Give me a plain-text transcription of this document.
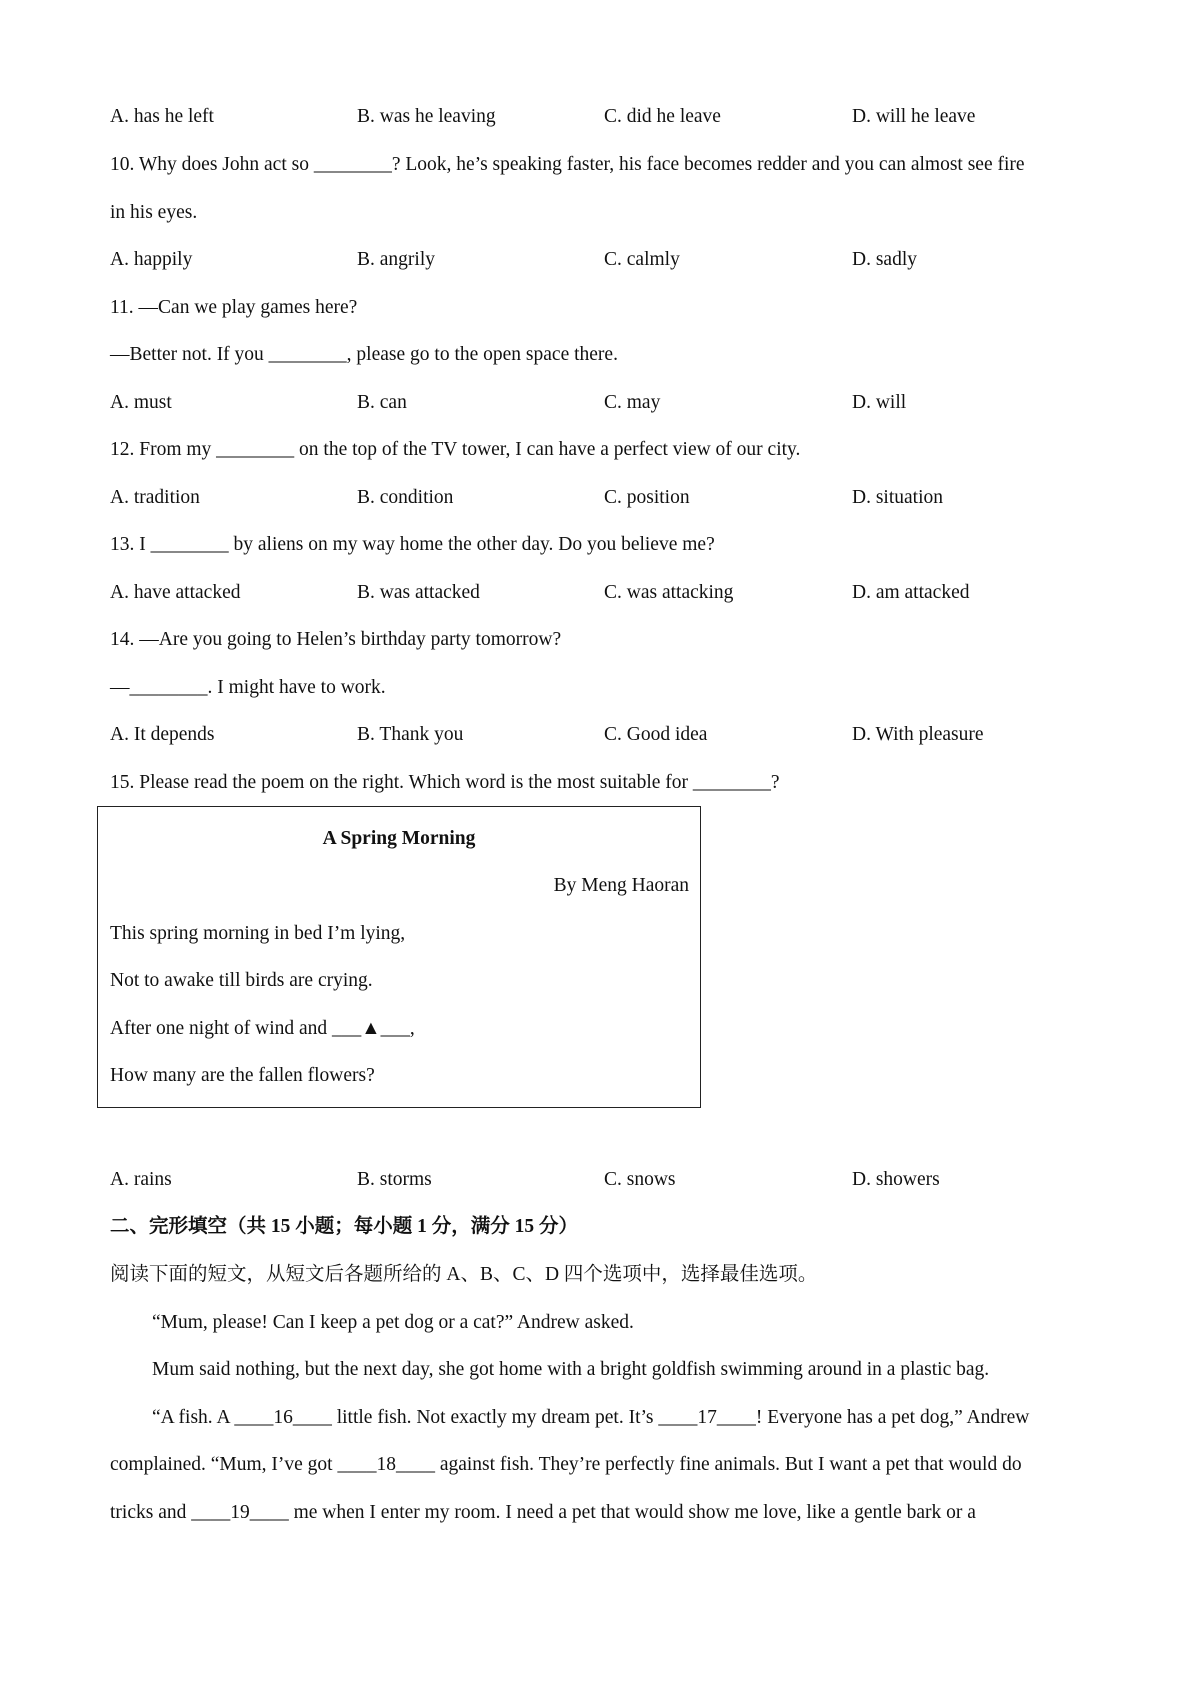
A. has he left	B. was he leaving	C. did he leave	D. will he leave
10. Why does John act so ________? Look, he’s speaking faster, his face becomes redder and you can almost see fire
in his eyes.
A. happily	B. angrily	C. calmly	D. sadly
11. —Can we play games here?
—Better not. If you ________, please go to the open space there.
A. must	B. can	C. may	D. will
12. From my ________ on the top of the TV tower, I can have a perfect view of our city.
A. tradition	B. condition	C. position	D. situation
13. I ________ by aliens on my way home the other day. Do you believe me?
A. have attacked	B. was attacked	C. was attacking	D. am attacked
14. —Are you going to Helen’s birthday party tomorrow?
—________. I might have to work.
A. It depends	B. Thank you	C. Good idea	D. With pleasure
15. Please read the poem on the right. Which word is the most suitable for ________?
A Spring Morning
By Meng Haoran
This spring morning in bed I’m lying,
Not to awake till birds are crying.
After one night of wind and ___▲___,
How many are the fallen flowers?
A. rains	B. storms	C. snows	D. showers
二、完形填空（共 15 小题；每小题 1 分，满分 15 分）
阅读下面的短文，从短文后各题所给的 A、B、C、D 四个选项中，选择最佳选项。
“Mum, please! Can I keep a pet dog or a cat?” Andrew asked.
Mum said nothing, but the next day, she got home with a bright goldfish swimming around in a plastic bag.
“A fish. A ____16____ little fish. Not exactly my dream pet. It’s ____17____! Everyone has a pet dog,” Andrew
complained. “Mum, I’ve got ____18____ against fish. They’re perfectly fine animals. But I want a pet that would do
tricks and ____19____ me when I enter my room. I need a pet that would show me love, like a gentle bark or a
